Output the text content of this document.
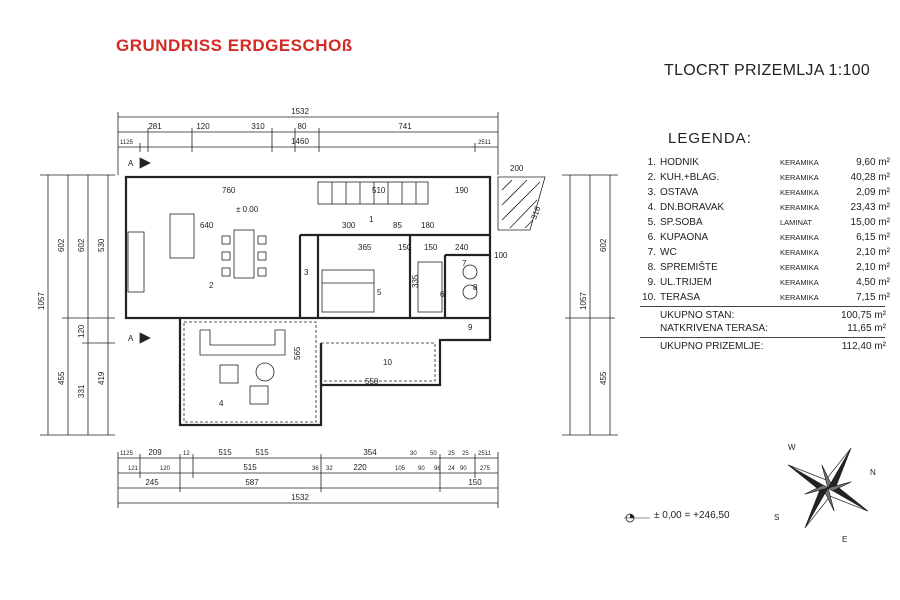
GRUNDRISS ERDGESCHOß
TLOCRT PRIZEMLJA 1:100
1532
281	120	310	80	741
1125	1460	2511
1125 209	12	515	515	354	30 50 25 25 2511
121	120	515	36 32	220	105 90 96 24 90 275
245	587	150
1532
1057
602
455
602
120
331
530
419
1057
602
455
760	510	190
640	300	85 180
365	150 150 240
550
565
335
200
316
100
± 0.00
A
A
1
2
3
4
5	6
7
8
9
10
LEGENDA:
1. HODNIK	KERAMIKA	9,60 m²
2. KUH.+BLAG.	KERAMIKA	40,28 m²
3. OSTAVA	KERAMIKA	2,09 m²
4. DN.BORAVAK	KERAMIKA	23,43 m²
5. SP.SOBA	LAMINAT	15,00 m²
6. KUPAONA	KERAMIKA	6,15 m²
7. WC	KERAMIKA	2,10 m²
8. SPREMIŠTE	KERAMIKA	2,10 m²
9. UL.TRIJEM	KERAMIKA	4,50 m²
10. TERASA	KERAMIKA	7,15 m²
UKUPNO STAN:	100,75 m²
NATKRIVENA TERASA:	11,65 m²
UKUPNO PRIZEMLJE:	112,40 m²
± 0,00 = +246,50
W
N
S
E
